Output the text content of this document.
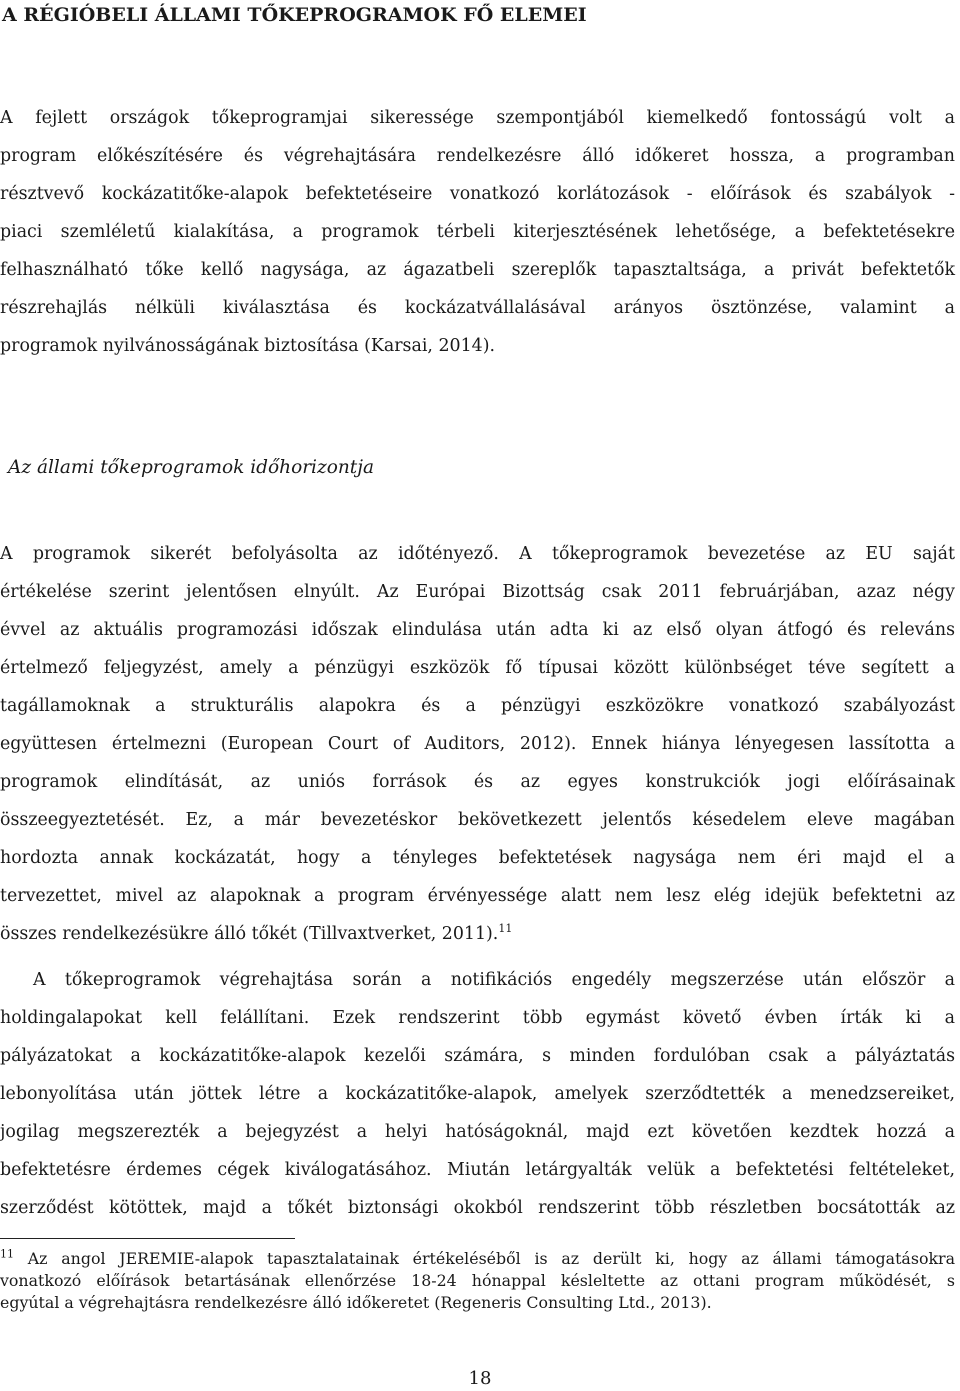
A RÉGIÓBELI ÁLLAMI TŐKEPROGRAMOK FŐ ELEMEI
A fejlett országok tőkeprogramjai sikeressége szempontjából kiemelkedő fontosságú volt a
program előkészítésére és végrehajtására rendelkezésre álló időkeret hossza, a programban
résztvevő kockázatitőke-alapok befektetéseire vonatkozó korlátozások - előírások és szabályok -
piaci szemléletű kialakítása, a programok térbeli kiterjesztésének lehetősége, a befektetésekre
felhasználható tőke kellő nagysága, az ágazatbeli szereplők tapasztaltsága, a privát befektetők
részrehajlás nélküli kiválasztása és kockázatvállalásával arányos ösztönzése, valamint a
programok nyilvánosságának biztosítása (Karsai, 2014).
Az állami tőkeprogramok időhorizontja
A programok sikerét befolyásolta az időtényező. A tőkeprogramok bevezetése az EU saját
értékelése szerint jelentősen elnyúlt. Az Európai Bizottság csak 2011 februárjában, azaz négy
évvel az aktuális programozási időszak elindulása után adta ki az első olyan átfogó és releváns
értelmező feljegyzést, amely a pénzügyi eszközök fő típusai között különbséget téve segített a
tagállamoknak a strukturális alapokra és a pénzügyi eszközökre vonatkozó szabályozást
együttesen értelmezni (European Court of Auditors, 2012). Ennek hiánya lényegesen lassította a
programok elindítását, az uniós források és az egyes konstrukciók jogi előírásainak
összeegyeztetését. Ez, a már bevezetéskor bekövetkezett jelentős késedelem eleve magában
hordozta annak kockázatát, hogy a tényleges befektetések nagysága nem éri majd el a
tervezettet, mivel az alapoknak a program érvényessége alatt nem lesz elég idejük befektetni az
összes rendelkezésükre álló tőkét (Tillvaxtverket, 2011).$^{11}$
A tőkeprogramok végrehajtása során a notifikációs engedély megszerzése után először a
holdingalapokat kell felállítani. Ezek rendszerint több egymást követő évben írták ki a
pályázatokat a kockázatitőke-alapok kezelői számára, s minden fordulóban csak a pályáztatás
lebonyolítása után jöttek létre a kockázatitőke-alapok, amelyek szerződtették a menedzsereiket,
jogilag megszerezték a bejegyzést a helyi hatóságoknál, majd ezt követően kezdtek hozzá a
befektetésre érdemes cégek kiválogatásához. Miután letárgyalták velük a befektetési feltételeket,
szerződést kötöttek, majd a tőkét biztonsági okokból rendszerint több részletben bocsátották az
$^{11}$ Az angol JEREMIE-alapok tapasztalatainak értékeléséből is az derült ki, hogy az állami támogatásokra
vonatkozó előírások betartásának ellenőrzése 18-24 hónappal késleltette az ottani program működését, s
egyútal a végrehajtásra rendelkezésre álló időkeretet (Regeneris Consulting Ltd., 2013).
18
